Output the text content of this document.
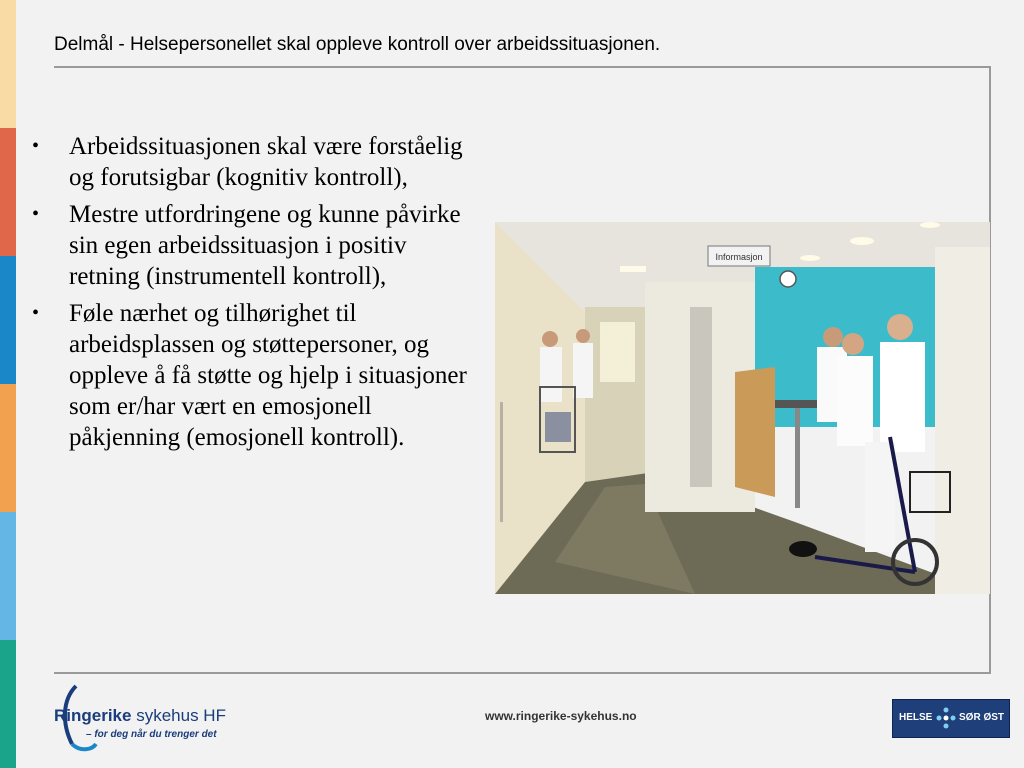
Delmål - Helsepersonellet skal oppleve kontroll over arbeidssituasjonen.
• Arbeidssituasjonen skal være forståelig og forutsigbar (kognitiv kontroll),
• Mestre utfordringene og kunne påvirke sin egen arbeidssituasjon i positiv retning (instrumentell kontroll),
• Føle nærhet og tilhørighet til arbeidsplassen og støttepersoner, og oppleve å få støtte og hjelp i situasjoner som er/har vært en emosjonell påkjenning (emosjonell kontroll).
Informasjon
Ringerike sykehus HF
– for deg når du trenger det
www.ringerike-sykehus.no	HELSE	SØR ØST
